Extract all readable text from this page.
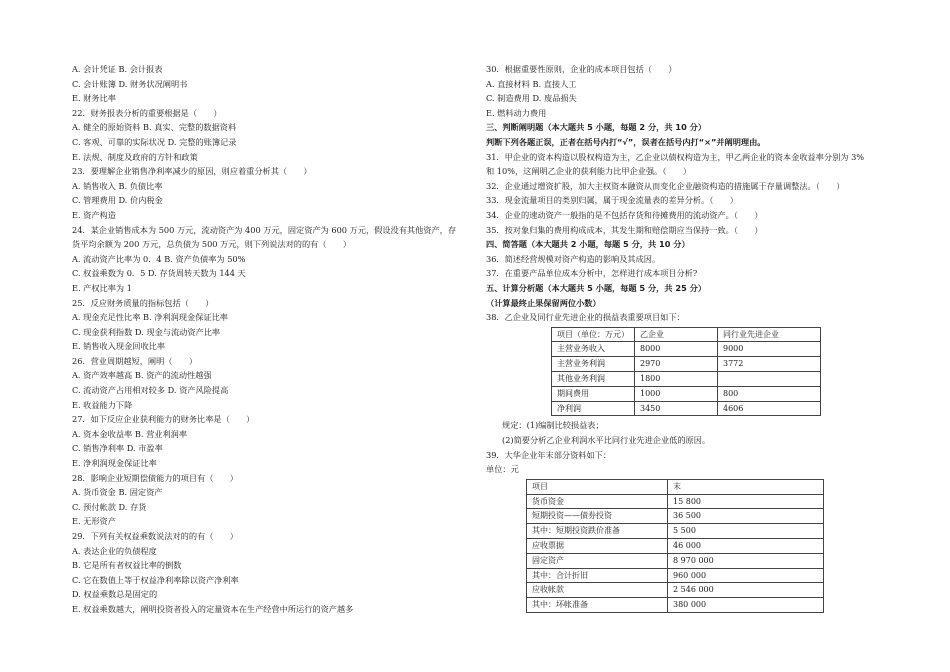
A. 会计凭证 B. 会计报表
C. 会计账簿 D. 财务状况阐明书
E. 财务比率
22．财务报表分析的重要根据是（　　）
A. 健全的原始资料 B. 真实、完整的数据资料
C. 客观、可靠的实际状况 D. 完整的账簿记录
E. 法规、制度及政府的方针和政策
23．要理解企业销售净利率减少的原因，则应着重分析其（　　）
A. 销售收入 B. 负债比率
C. 管理费用 D. 价内税金
E. 资产构造
24．某企业销售成本为 500 万元，流动资产为 400 万元，固定资产为 600 万元，假设没有其他资产，存
货平均余额为 200 万元，总负债为 500 万元，则下列说法对的的有（　　）
A. 流动资产比率为 0．4 B. 资产负债率为 50%
C. 权益乘数为 0．5 D. 存货周转天数为 144 天
E. 产权比率为 1
25．反应财务质量的指标包括（　　）
A. 现金充足性比率 B. 净利润现金保证比率
C. 现金获利指数 D. 现金与流动资产比率
E. 销售收入现金回收比率
26．营业周期越短，阐明（　　）
A. 资产效率越高 B. 资产的流动性越强
C. 流动资产占用相对较多 D. 资产风险提高
E. 收益能力下降
27．如下反应企业获利能力的财务比率是（　　）
A. 资本金收益率 B. 营业利润率
C. 销售净利率 D. 市盈率
E. 净利润现金保证比率
28．影响企业短期偿债能力的项目有（　　）
A. 货币资金 B. 固定资产
C. 预付帐款 D. 存货
E. 无形资产
29．下列有关权益乘数说法对的的有（　　）
A. 表达企业的负债程度
B. 它是所有者权益比率的倒数
C. 它在数值上等于权益净利率除以资产净利率
D. 权益乘数总是固定的
E. 权益乘数越大，阐明投资者投入的定量资本在生产经营中所运行的资产越多
30．根据重要性原则，企业的成本项目包括（　　）
A. 直接材料 B. 直接人工
C. 制造费用 D. 废品损失
E. 燃料动力费用
三、判断阐明题（本大题共 5 小题，每题 2 分，共 10 分）
判断下列各题正误，正者在括号内打“√”，误者在括号内打“×”并阐明理由。
31．甲企业的资本构造以股权构造为主，乙企业以债权构造为主，甲乙两企业的资本金收益率分别为 3%
和 10%，这阐明乙企业的获利能力比甲企业强。（　　）
32．企业通过增资扩股，加大主权资本融资从而变化企业融资构造的措施属于存量调整法。（　　）
33．现金流量项目的类别归属，属于现金流量表的差异分析。（　　）
34．企业的速动资产一般指的是不包括存货和待摊费用的流动资产。（　　）
35．按对象归集的费用构成成本，其发生期和赔偿期应当保持一致。（　　）
四、简答题（本大题共 2 小题，每题 5 分，共 10 分）
36．简述经营规模对资产构造的影响及其成因。
37．在重要产品单位成本分析中，怎样进行成本项目分析?
五、计算分析题（本大题共 5 小题，每题 5 分，共 25 分）
（计算最终止果保留两位小数）
38．乙企业及同行业先进企业的损益表重要项目如下：
项目（单位：万元）	乙企业	同行业先进企业
主营业务收入	8000	9000
主营业务利润	2970	3772
其他业务利润	1800	
期间费用	1000	800
净利润	3450	4606
规定：(1)编制比较损益表；
(2)简要分析乙企业利润水平比同行业先进企业低的原因。
39．大华企业年末部分资料如下：
单位：元
项目	末
货币资金	15 800
短期投资——债券投资	36 500
其中：短期投资跌价准备	5 500
应收票据	46 000
固定资产	8 970 000
其中：合计折旧	960 000
应收帐款	2 546 000
其中：坏帐准备	380 000
